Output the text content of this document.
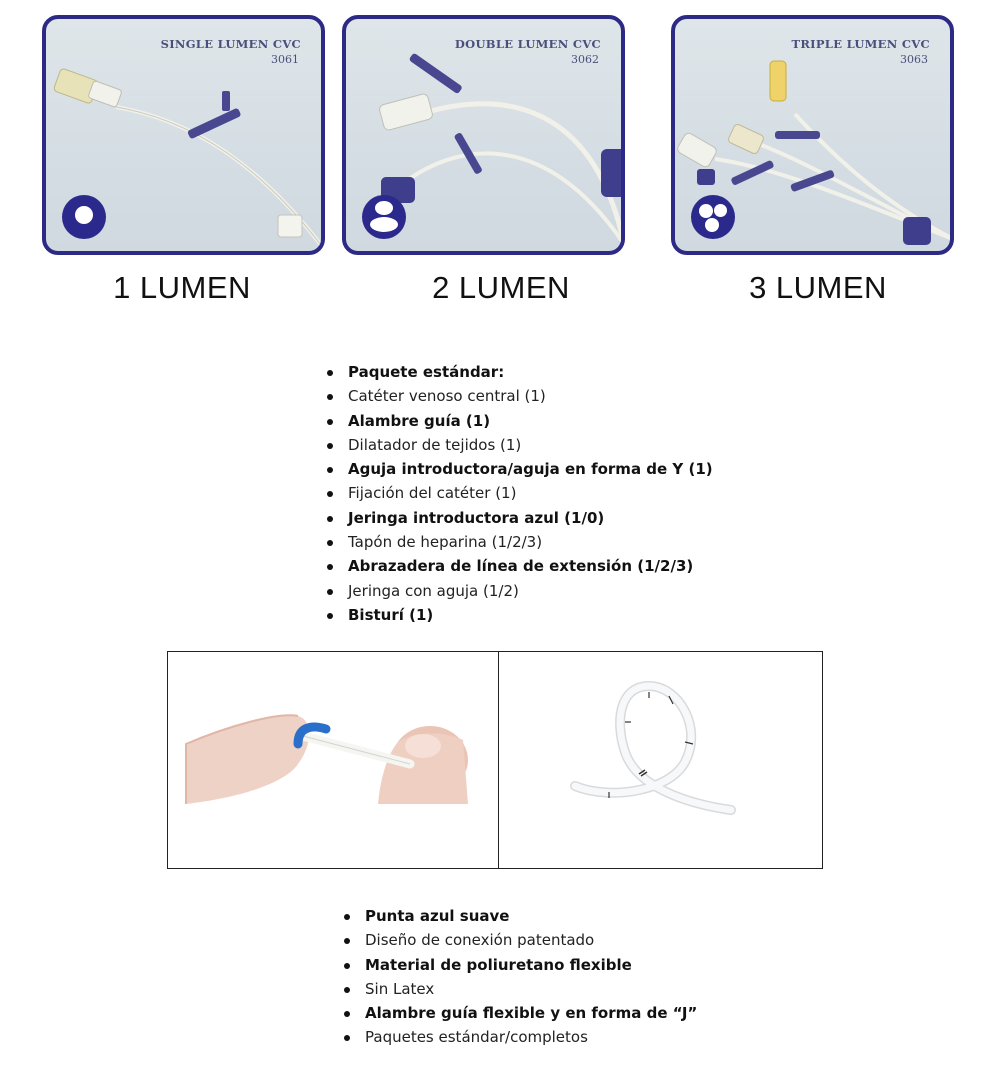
SINGLE LUMEN CVC
3061
DOUBLE LUMEN CVC
3062
TRIPLE LUMEN CVC
3063
1 LUMEN	2 LUMEN	3 LUMEN
Paquete estándar:
Catéter venoso central (1)
Alambre guía (1)
Dilatador de tejidos (1)
Aguja introductora/aguja en forma de Y (1)
Fijación del catéter (1)
Jeringa introductora azul (1/0)
Tapón de heparina (1/2/3)
Abrazadera de línea de extensión (1/2/3)
Jeringa con aguja (1/2)
Bisturí (1)
Punta azul suave
Diseño de conexión patentado
Material de poliuretano flexible
Sin Latex
Alambre guía flexible y en forma de “J”
Paquetes estándar/completos
